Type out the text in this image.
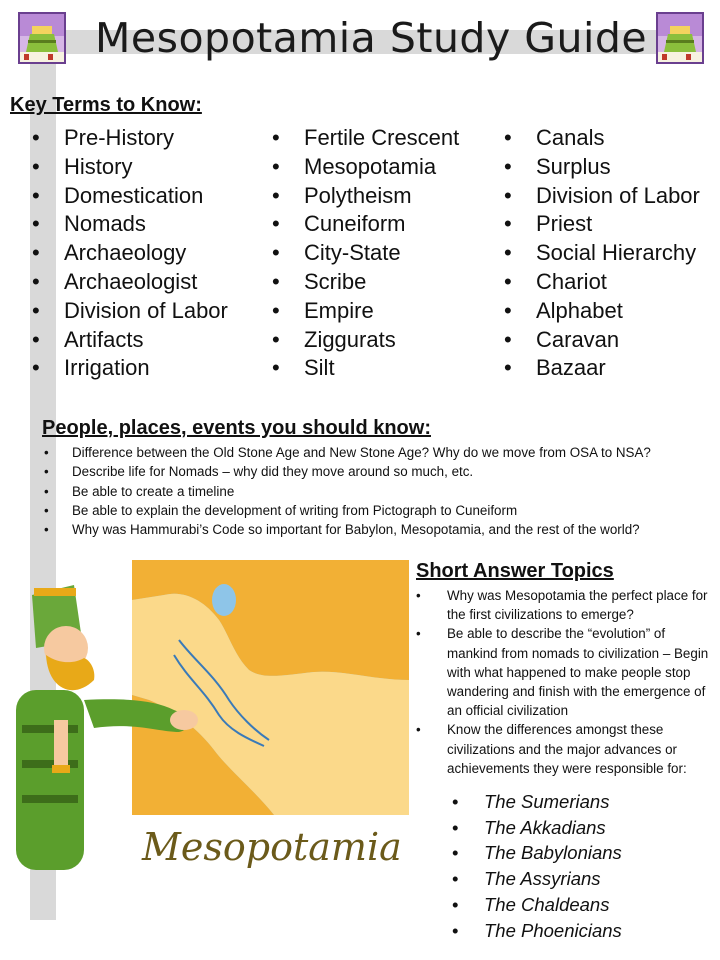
Mesopotamia Study Guide
Key Terms to Know:
• Pre-History
• History
• Domestication
• Nomads
• Archaeology
• Archaeologist
• Division of Labor
• Artifacts
• Irrigation
• Fertile Crescent
• Mesopotamia
• Polytheism
• Cuneiform
• City-State
• Scribe
• Empire
• Ziggurats
• Silt
• Canals
• Surplus
• Division of Labor
• Priest
• Social Hierarchy
• Chariot
• Alphabet
• Caravan
• Bazaar
People, places, events you should know:
• Difference between the Old Stone Age and New Stone Age? Why do we move from OSA to NSA?
• Describe life for Nomads – why did they move around so much, etc.
• Be able to create a timeline
• Be able to explain the development of writing from Pictograph to Cuneiform
• Why was Hammurabi’s Code so important for Babylon, Mesopotamia, and the rest of the world?
Mesopotamia
Short Answer Topics
• Why was Mesopotamia the perfect place for the first civilizations to emerge?
• Be able to describe the “evolution” of mankind from nomads to civilization – Begin with what happened to make people stop wandering and finish with the emergence of an official civilization
• Know the differences amongst these civilizations and the major advances or achievements they were responsible for:
• The Sumerians
• The Akkadians
• The Babylonians
• The Assyrians
• The Chaldeans
• The Phoenicians
